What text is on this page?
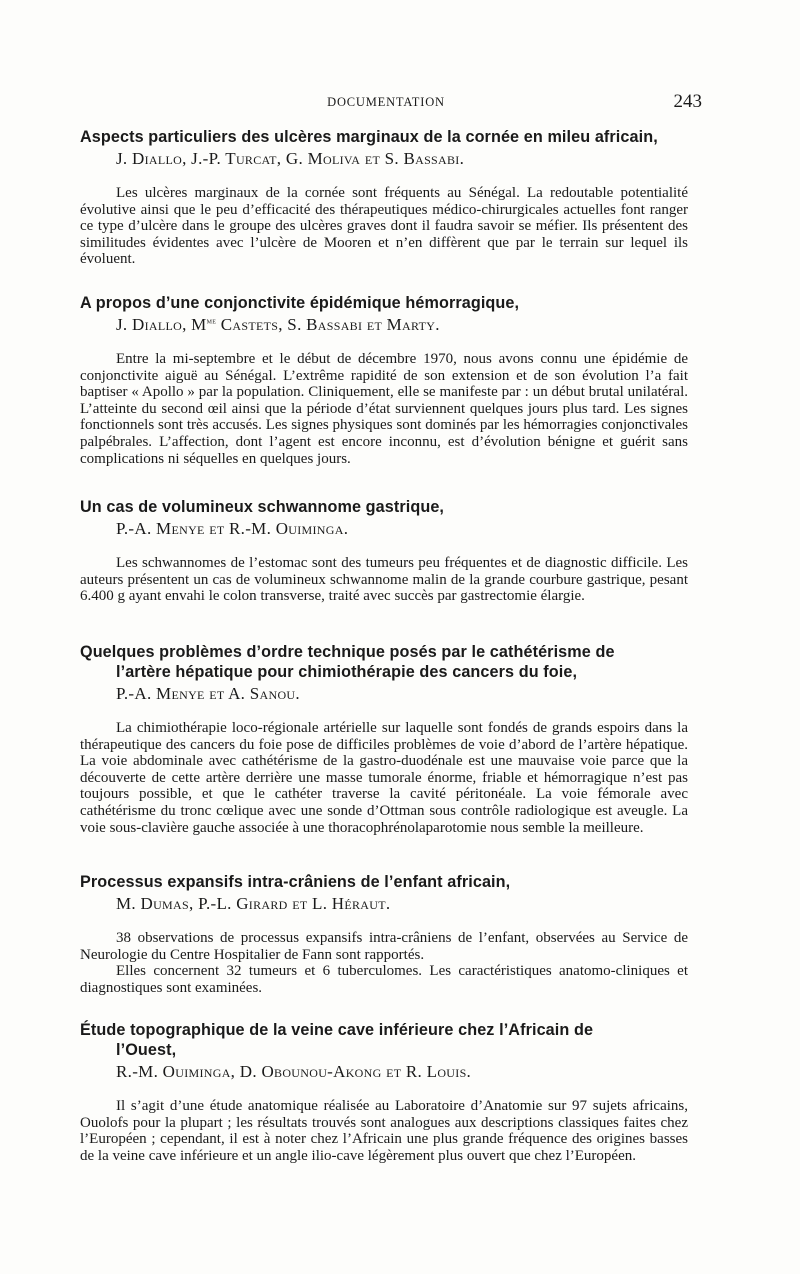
DOCUMENTATION	243
Aspects particuliers des ulcères marginaux de la cornée en mileu africain,

J. Diallo, J.-P. Turcat, G. Moliva et S. Bassabi.

Les ulcères marginaux de la cornée sont fréquents au Sénégal. La redoutable potentialité évolutive ainsi que le peu d’efficacité des thérapeutiques médico-chirurgicales actuelles font ranger ce type d’ulcère dans le groupe des ulcères graves dont il faudra savoir se méfier. Ils présentent des similitudes évidentes avec l’ulcère de Mooren et n’en diffèrent que par le terrain sur lequel ils évoluent.

A propos d’une conjonctivite épidémique hémorragique,

J. Diallo, $M^{me}$ Castets, S. Bassabi et Marty.

Entre la mi-septembre et le début de décembre 1970, nous avons connu une épidémie de conjonctivite aiguë au Sénégal. L’extrême rapidité de son extension et de son évolution l’a fait baptiser « Apollo » par la population. Cliniquement, elle se manifeste par : un début brutal unilatéral. L’atteinte du second œil ainsi que la période d’état surviennent quelques jours plus tard. Les signes fonctionnels sont très accusés. Les signes physiques sont dominés par les hémorragies conjonctivales palpébrales. L’affection, dont l’agent est encore inconnu, est d’évolution bénigne et guérit sans complications ni séquelles en quelques jours.

Un cas de volumineux schwannome gastrique,

P.-A. Menye et R.-M. Ouiminga.

Les schwannomes de l’estomac sont des tumeurs peu fréquentes et de diagnostic difficile. Les auteurs présentent un cas de volumineux schwannome malin de la grande courbure gastrique, pesant 6.400 g ayant envahi le colon transverse, traité avec succès par gastrectomie élargie.

Quelques problèmes d’ordre technique posés par le cathétérisme de
l’artère hépatique pour chimiothérapie des cancers du foie,

P.-A. Menye et A. Sanou.

La chimiothérapie loco-régionale artérielle sur laquelle sont fondés de grands espoirs dans la thérapeutique des cancers du foie pose de difficiles problèmes de voie d’abord de l’artère hépatique. La voie abdominale avec cathétérisme de la gastro-duodénale est une mauvaise voie parce que la découverte de cette artère derrière une masse tumorale énorme, friable et hémorragique n’est pas toujours possible, et que le cathéter traverse la cavité péritonéale. La voie fémorale avec cathétérisme du tronc cœlique avec une sonde d’Ottman sous contrôle radiologique est aveugle. La voie sous-clavière gauche associée à une thoracophrénolaparotomie nous semble la meilleure.

Processus expansifs intra-crâniens de l’enfant africain,

M. Dumas, P.-L. Girard et L. Héraut.

38 observations de processus expansifs intra-crâniens de l’enfant, observées au Service de Neurologie du Centre Hospitalier de Fann sont rapportés.

Elles concernent 32 tumeurs et 6 tuberculomes. Les caractéristiques anatomo-cliniques et diagnostiques sont examinées.

Étude topographique de la veine cave inférieure chez l’Africain de
l’Ouest,

R.-M. Ouiminga, D. Obounou-Akong et R. Louis.

Il s’agit d’une étude anatomique réalisée au Laboratoire d’Anatomie sur 97 sujets africains, Ouolofs pour la plupart ; les résultats trouvés sont analogues aux descriptions classiques faites chez l’Européen ; cependant, il est à noter chez l’Africain une plus grande fréquence des origines basses de la veine cave inférieure et un angle ilio-cave légèrement plus ouvert que chez l’Européen.
